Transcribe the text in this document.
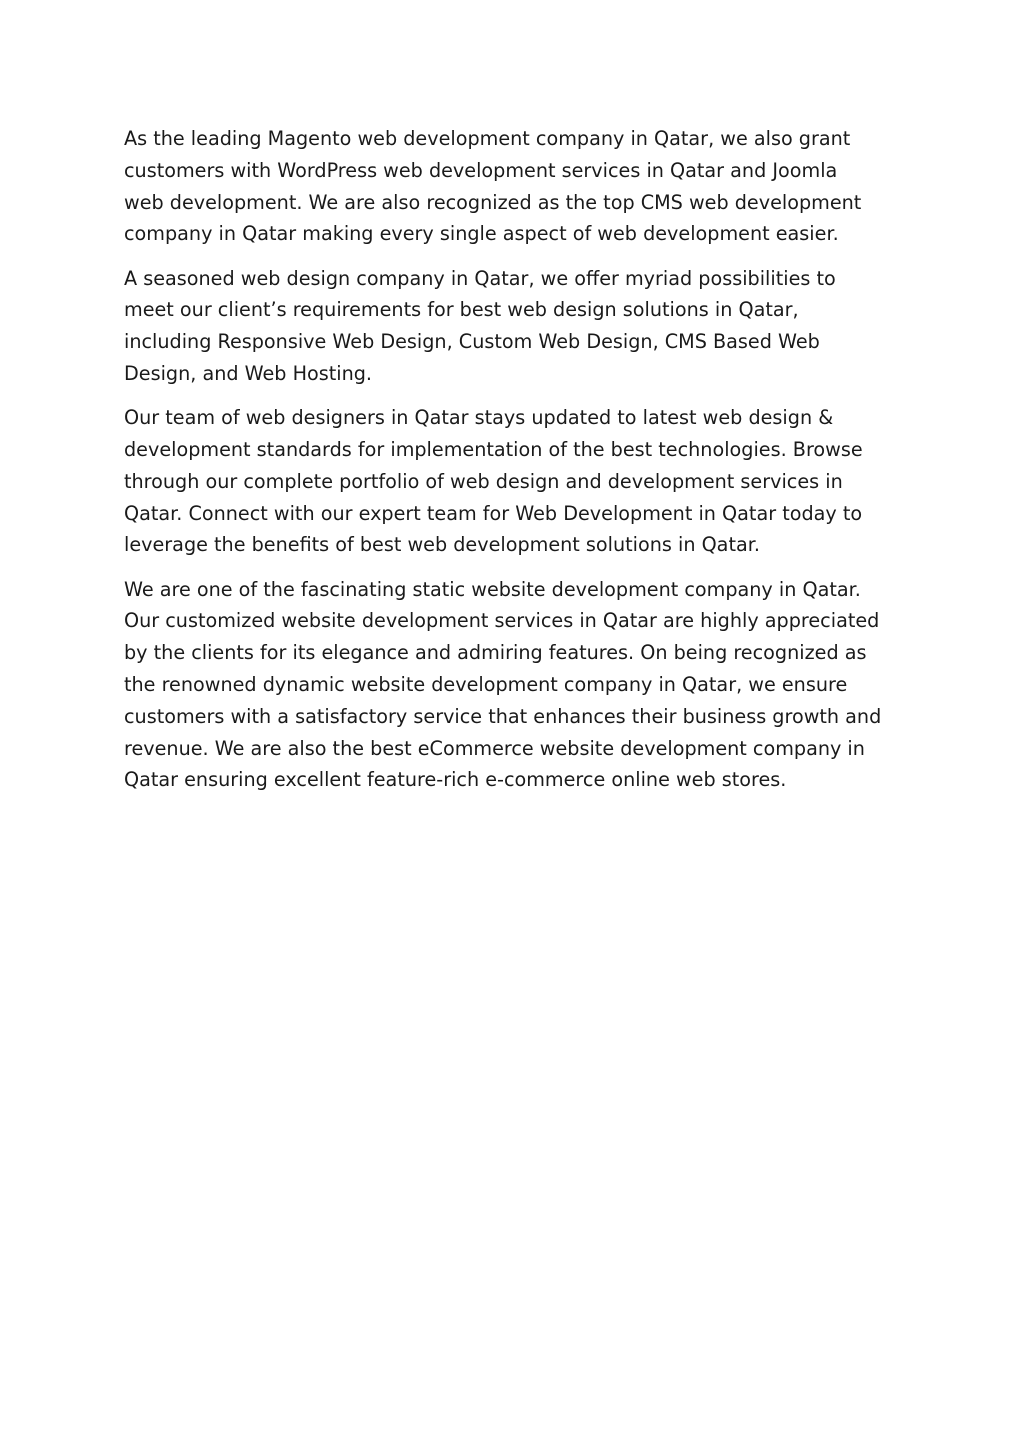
As the leading Magento web development company in Qatar, we also grant
customers with WordPress web development services in Qatar and Joomla
web development. We are also recognized as the top CMS web development
company in Qatar making every single aspect of web development easier.
A seasoned web design company in Qatar, we offer myriad possibilities to
meet our client’s requirements for best web design solutions in Qatar,
including Responsive Web Design, Custom Web Design, CMS Based Web
Design, and Web Hosting.
Our team of web designers in Qatar stays updated to latest web design &
development standards for implementation of the best technologies. Browse
through our complete portfolio of web design and development services in
Qatar. Connect with our expert team for Web Development in Qatar today to
leverage the benefits of best web development solutions in Qatar.
We are one of the fascinating static website development company in Qatar.
Our customized website development services in Qatar are highly appreciated
by the clients for its elegance and admiring features. On being recognized as
the renowned dynamic website development company in Qatar, we ensure
customers with a satisfactory service that enhances their business growth and
revenue. We are also the best eCommerce website development company in
Qatar ensuring excellent feature-rich e-commerce online web stores.
